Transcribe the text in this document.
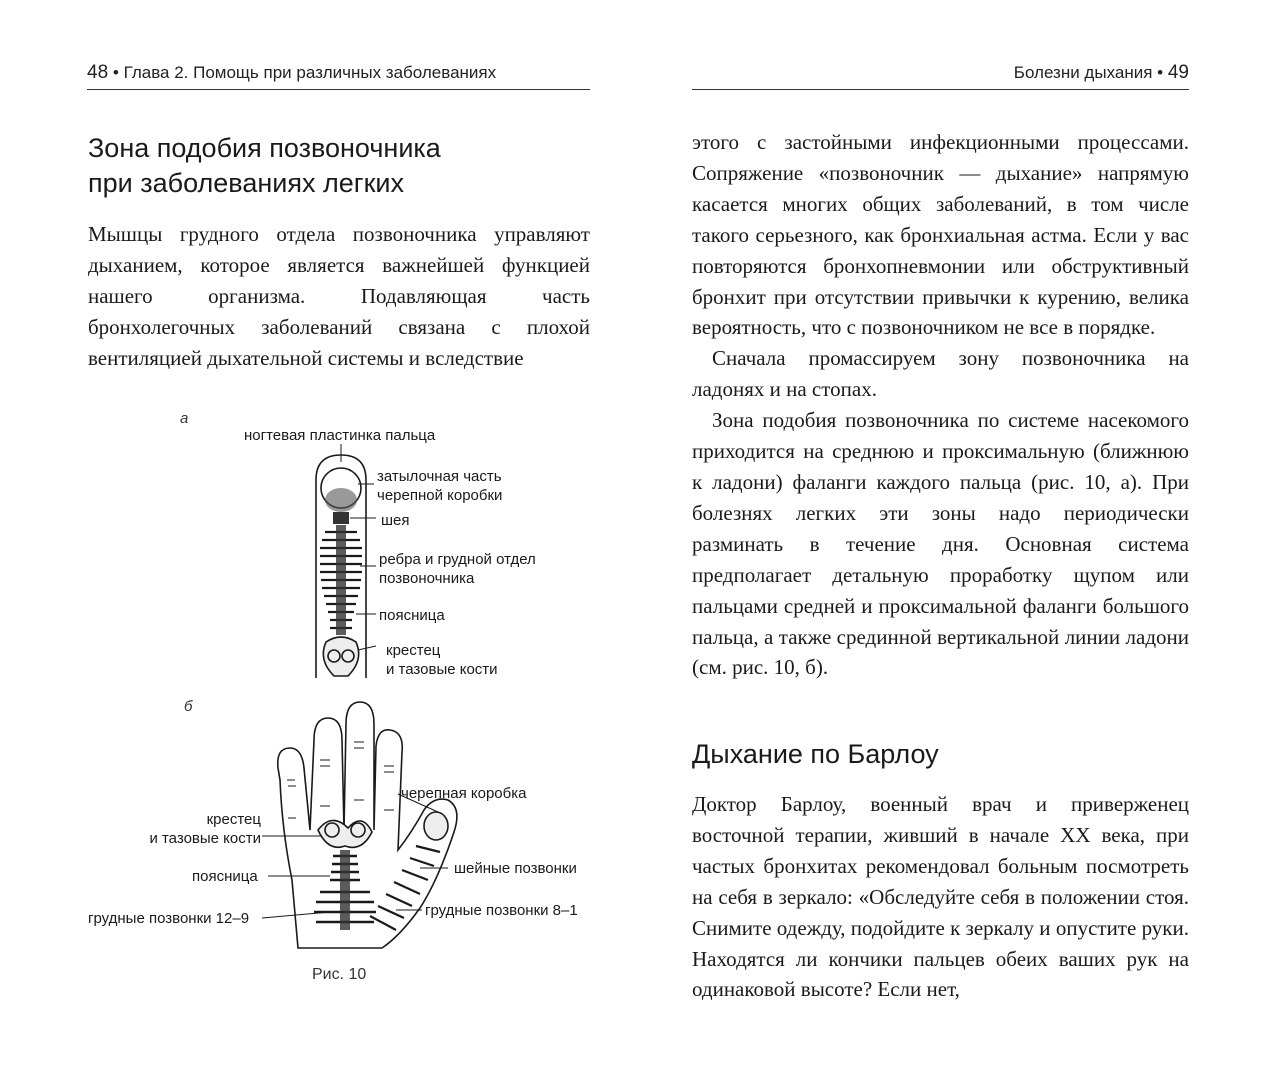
48 • Глава 2. Помощь при различных заболеваниях
Зона подобия позвоночника
при заболеваниях легких

Мышцы грудного отдела позвоночника управляют дыханием, которое является важнейшей функцией нашего организма. Подавляющая часть бронхолегочных заболеваний связана с плохой вентиляцией дыхательной системы и вследствие

а
б
ногтевая пластинка пальца
затылочная часть
черепной коробки
шея
ребра и грудной отдел
позвоночника
поясница
крестец
и тазовые кости
черепная коробка
крестец
и тазовые кости
поясница	шейные позвонки
грудные позвонки 12–9	грудные позвонки 8–1
Рис. 10
Болезни дыхания • 49

этого с застойными инфекционными процессами. Сопряжение «позвоночник — дыхание» напрямую касается многих общих заболеваний, в том числе такого серьезного, как бронхиальная астма. Если у вас повторяются бронхопневмонии или обструктивный бронхит при отсутствии привычки к курению, велика вероятность, что с позвоночником не все в порядке.

Сначала промассируем зону позвоночника на ладонях и на стопах.

Зона подобия позвоночника по системе насекомого приходится на среднюю и проксимальную (ближнюю к ладони) фаланги каждого пальца (рис. 10, а). При болезнях легких эти зоны надо периодически разминать в течение дня. Основная система предполагает детальную проработку щупом или пальцами средней и проксимальной фаланги большого пальца, а также срединной вертикальной линии ладони (см. рис. 10, б).

Дыхание по Барлоу

Доктор Барлоу, военный врач и приверженец восточной терапии, живший в начале XX века, при частых бронхитах рекомендовал больным посмотреть на себя в зеркало: «Обследуйте себя в положении стоя. Снимите одежду, подойдите к зеркалу и опустите руки. Находятся ли кончики пальцев обеих ваших рук на одинаковой высоте? Если нет,
